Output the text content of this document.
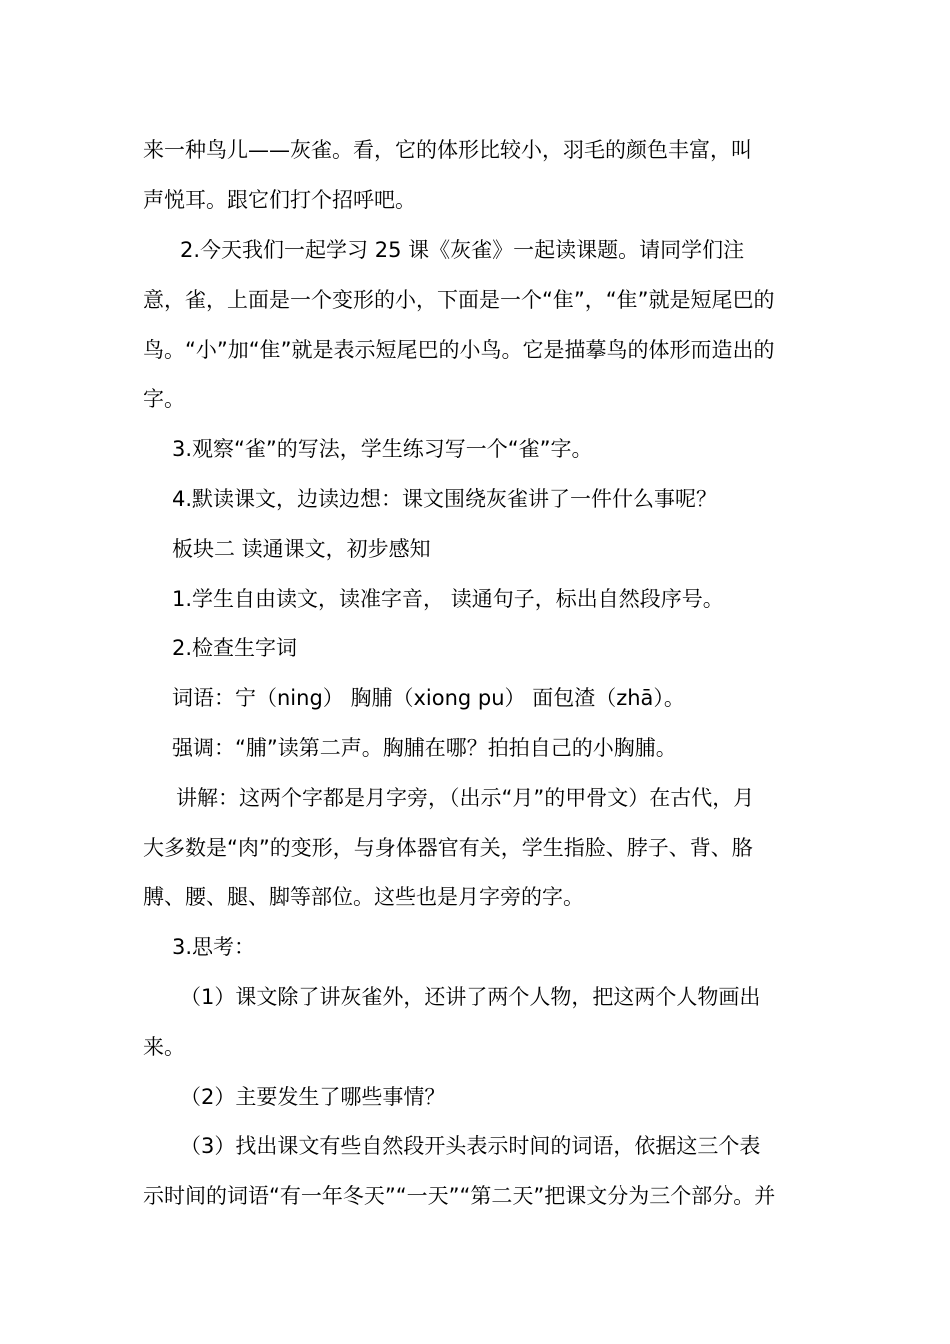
来一种鸟儿——灰雀。看，它的体形比较小，羽毛的颜色丰富，叫
声悦耳。跟它们打个招呼吧。
2.今天我们一起学习 25 课《灰雀》一起读课题。请同学们注
意，雀，上面是一个变形的小，下面是一个“隹”，“隹”就是短尾巴的
鸟。“小”加“隹”就是表示短尾巴的小鸟。它是描摹鸟的体形而造出的
字。
3.观察“雀”的写法，学生练习写一个“雀”字。
4.默读课文，边读边想：课文围绕灰雀讲了一件什么事呢？
板块二 读通课文，初步感知
1.学生自由读文，读准字音， 读通句子，标出自然段序号。
2.检查生字词
词语：宁（ning） 胸脯（xiong pu） 面包渣（zhā）。
强调：“脯”读第二声。胸脯在哪？拍拍自己的小胸脯。
讲解：这两个字都是月字旁，（出示“月”的甲骨文）在古代，月
大多数是“肉”的变形，与身体器官有关，学生指脸、脖子、背、胳
膊、腰、腿、脚等部位。这些也是月字旁的字。
3.思考：
（1）课文除了讲灰雀外，还讲了两个人物，把这两个人物画出
来。
（2）主要发生了哪些事情？
（3）找出课文有些自然段开头表示时间的词语，依据这三个表
示时间的词语“有一年冬天”“一天”“第二天”把课文分为三个部分。并
